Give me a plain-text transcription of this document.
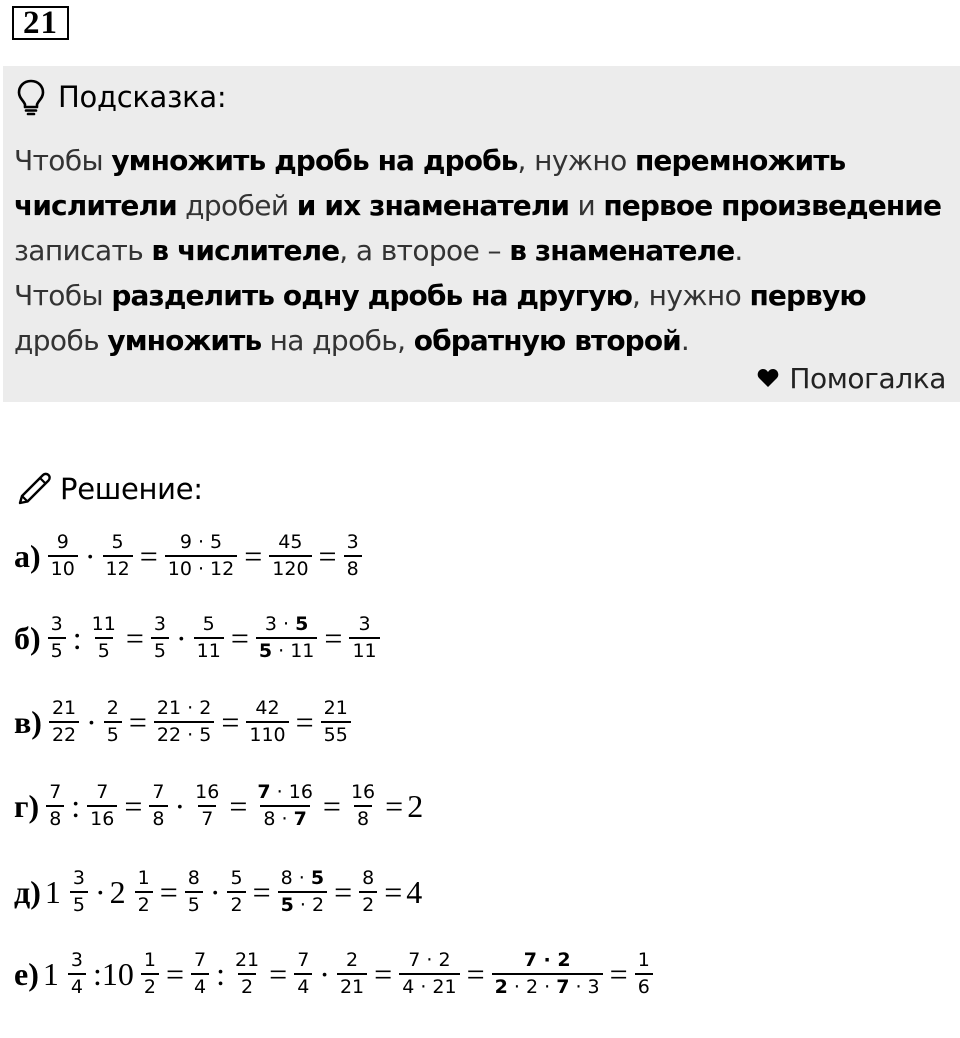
21
Подсказка:
Чтобы умножить дробь на дробь, нужно перемножить числители дробей и их знаменатели и первое произведение записать в числителе, а второе – в знаменателе.
Чтобы разделить одну дробь на другую, нужно первую дробь умножить на дробь, обратную второй.
Помогалка
Решение:
$а) \frac{9}{10} \cdot \frac{5}{12} = \frac{9 \cdot 5}{10 \cdot 12} = \frac{45}{120} = \frac{3}{8}$
$б) \frac{3}{5}$ : $\frac{11}{5} = \frac{3}{5} \cdot \frac{5}{11} = \frac{3 \cdot 5}{5 \cdot 11} = \frac{3}{11}$
$в) \frac{21}{22} \cdot \frac{2}{5} = \frac{21 \cdot 2}{22 \cdot 5} = \frac{42}{110} = \frac{21}{55}$
$г) \frac{7}{8}$ : $\frac{7}{16} = \frac{7}{8} \cdot \frac{16}{7} = \frac{7 \cdot 16}{8 \cdot 7} = \frac{16}{8} = 2$
д) $1 \frac{3}{5} \cdot 2 \frac{1}{2} = \frac{8}{5} \cdot \frac{5}{2} = \frac{8 \cdot 5}{5 \cdot 2} = \frac{8}{2} = 4$
е) $1 \frac{3}{4}$ :10 $\frac{1}{2} = \frac{7}{4}$ : $\frac{21}{2} = \frac{7}{4} \cdot \frac{2}{21} = \frac{7 \cdot 2}{4 \cdot 21} = \frac{7 \cdot 2}{2 \cdot 2 \cdot 7 \cdot 3} = \frac{1}{6}$
